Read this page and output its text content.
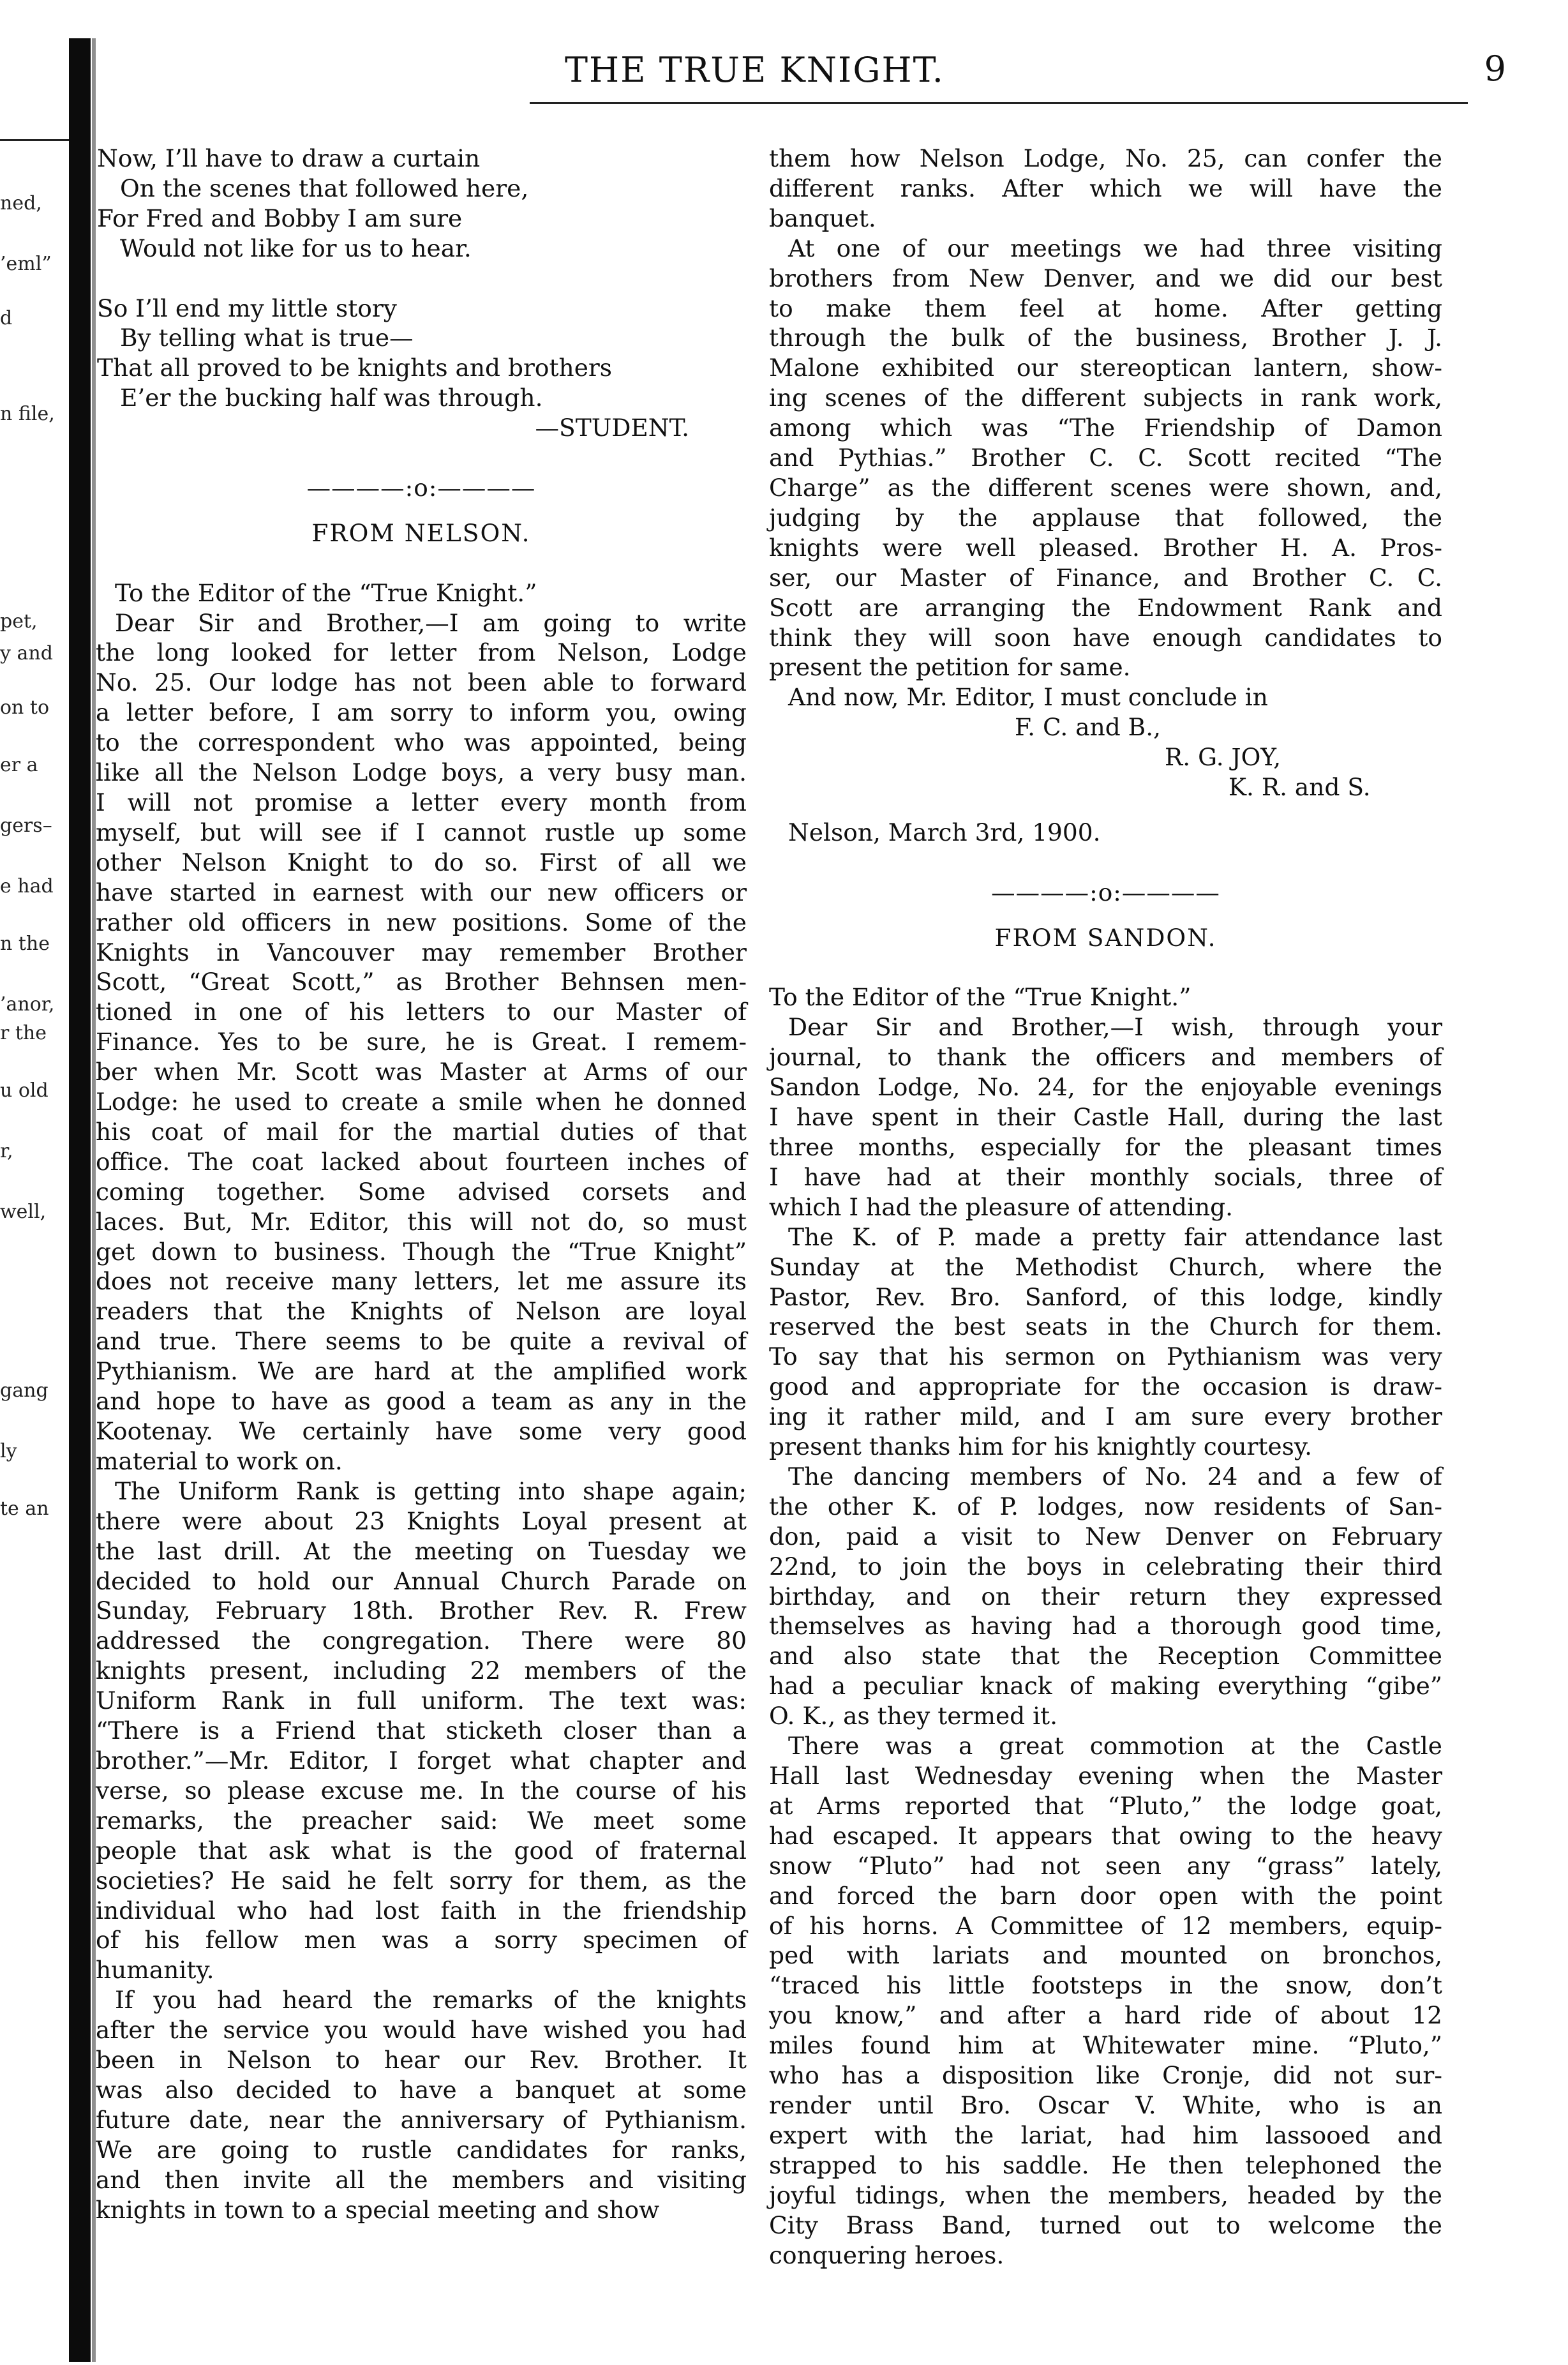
ned,
’eml”
d
n file,
pet,
y and
on to
er a
gers–
e had
n the
’anor,
r the
u old
r,
well,
gang
ly
te an
THE TRUE KNIGHT.	9

Now, I’ll have to draw a curtain

On the scenes that followed here,

For Fred and Bobby I am sure

Would not like for us to hear.

So I’ll end my little story

By telling what is true—

That all proved to be knights and brothers

E’er the bucking half was through.

—STUDENT.

————:o:————

FROM NELSON.

To the Editor of the “True Knight.”

Dear Sir and Brother,—I am going to write

the long looked for letter from Nelson, Lodge

No. 25. Our lodge has not been able to forward

a letter before, I am sorry to inform you, owing

to the correspondent who was appointed, being

like all the Nelson Lodge boys, a very busy man.

I will not promise a letter every month from

myself, but will see if I cannot rustle up some

other Nelson Knight to do so. First of all we

have started in earnest with our new officers or

rather old officers in new positions. Some of the

Knights in Vancouver may remember Brother

Scott, “Great Scott,” as Brother Behnsen men-

tioned in one of his letters to our Master of

Finance. Yes to be sure, he is Great. I remem-

ber when Mr. Scott was Master at Arms of our

Lodge: he used to create a smile when he donned

his coat of mail for the martial duties of that

office. The coat lacked about fourteen inches of

coming together. Some advised corsets and

laces. But, Mr. Editor, this will not do, so must

get down to business. Though the “True Knight”

does not receive many letters, let me assure its

readers that the Knights of Nelson are loyal

and true. There seems to be quite a revival of

Pythianism. We are hard at the amplified work

and hope to have as good a team as any in the

Kootenay. We certainly have some very good

material to work on.

The Uniform Rank is getting into shape again;

there were about 23 Knights Loyal present at

the last drill. At the meeting on Tuesday we

decided to hold our Annual Church Parade on

Sunday, February 18th. Brother Rev. R. Frew

addressed the congregation. There were 80

knights present, including 22 members of the

Uniform Rank in full uniform. The text was:

“There is a Friend that sticketh closer than a

brother.”—Mr. Editor, I forget what chapter and

verse, so please excuse me. In the course of his

remarks, the preacher said: We meet some

people that ask what is the good of fraternal

societies? He said he felt sorry for them, as the

individual who had lost faith in the friendship

of his fellow men was a sorry specimen of

humanity.

If you had heard the remarks of the knights

after the service you would have wished you had

been in Nelson to hear our Rev. Brother. It

was also decided to have a banquet at some

future date, near the anniversary of Pythianism.

We are going to rustle candidates for ranks,

and then invite all the members and visiting

knights in town to a special meeting and show

them how Nelson Lodge, No. 25, can confer the

different ranks. After which we will have the

banquet.

At one of our meetings we had three visiting

brothers from New Denver, and we did our best

to make them feel at home. After getting

through the bulk of the business, Brother J. J.

Malone exhibited our stereoptican lantern, show-

ing scenes of the different subjects in rank work,

among which was “The Friendship of Damon

and Pythias.” Brother C. C. Scott recited “The

Charge” as the different scenes were shown, and,

judging by the applause that followed, the

knights were well pleased. Brother H. A. Pros-

ser, our Master of Finance, and Brother C. C.

Scott are arranging the Endowment Rank and

think they will soon have enough candidates to

present the petition for same.

And now, Mr. Editor, I must conclude in

F. C. and B.,

R. G. JOY,

K. R. and S.

Nelson, March 3rd, 1900.

————:o:————

FROM SANDON.

To the Editor of the “True Knight.”

Dear Sir and Brother,—I wish, through your

journal, to thank the officers and members of

Sandon Lodge, No. 24, for the enjoyable evenings

I have spent in their Castle Hall, during the last

three months, especially for the pleasant times

I have had at their monthly socials, three of

which I had the pleasure of attending.

The K. of P. made a pretty fair attendance last

Sunday at the Methodist Church, where the

Pastor, Rev. Bro. Sanford, of this lodge, kindly

reserved the best seats in the Church for them.

To say that his sermon on Pythianism was very

good and appropriate for the occasion is draw-

ing it rather mild, and I am sure every brother

present thanks him for his knightly courtesy.

The dancing members of No. 24 and a few of

the other K. of P. lodges, now residents of San-

don, paid a visit to New Denver on February

22nd, to join the boys in celebrating their third

birthday, and on their return they expressed

themselves as having had a thorough good time,

and also state that the Reception Committee

had a peculiar knack of making everything “gibe”

O. K., as they termed it.

There was a great commotion at the Castle

Hall last Wednesday evening when the Master

at Arms reported that “Pluto,” the lodge goat,

had escaped. It appears that owing to the heavy

snow “Pluto” had not seen any “grass” lately,

and forced the barn door open with the point

of his horns. A Committee of 12 members, equip-

ped with lariats and mounted on bronchos,

“traced his little footsteps in the snow, don’t

you know,” and after a hard ride of about 12

miles found him at Whitewater mine. “Pluto,”

who has a disposition like Cronje, did not sur-

render until Bro. Oscar V. White, who is an

expert with the lariat, had him lassooed and

strapped to his saddle. He then telephoned the

joyful tidings, when the members, headed by the

City Brass Band, turned out to welcome the

conquering heroes.
